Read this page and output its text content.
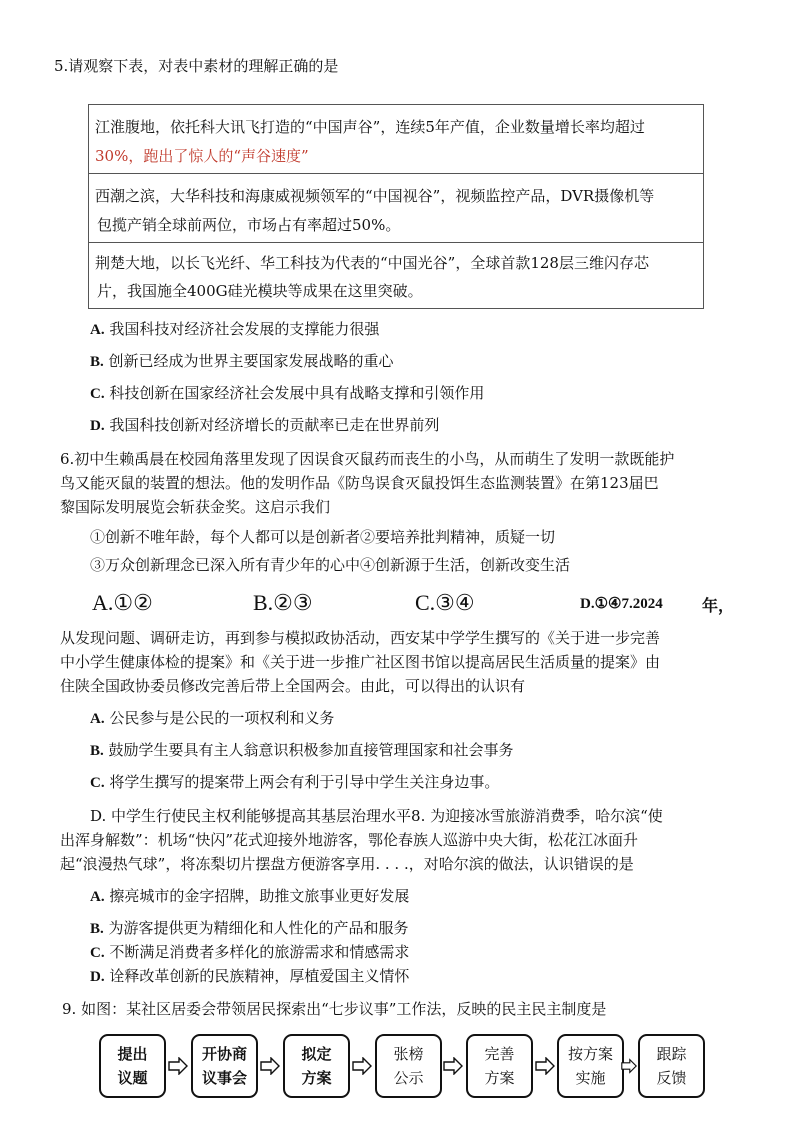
5.请观察下表，对表中素材的理解正确的是
江淮腹地，依托科大讯飞打造的“中国声谷”，连续5年产值，企业数量增长率均超过
30%，跑出了惊人的“声谷速度”
西潮之滨，大华科技和海康威视频领军的“中国视谷”，视频监控产品，DVR摄像机等
包揽产销全球前两位，市场占有率超过50%。
荆楚大地，以长飞光纤、华工科技为代表的“中国光谷”，全球首款128层三维闪存芯
片，我国施全400G硅光模块等成果在这里突破。
A. 我国科技对经济社会发展的支撑能力很强
B. 创新已经成为世界主要国家发展战略的重心
C. 科技创新在国家经济社会发展中具有战略支撑和引领作用
D. 我国科技创新对经济增长的贡献率已走在世界前列
6.初中生赖禹晨在校园角落里发现了因误食灭鼠药而丧生的小鸟，从而萌生了发明一款既能护
鸟又能灭鼠的装置的想法。他的发明作品《防鸟误食灭鼠投饵生态监测装置》在第123届巴
黎国际发明展览会斩获金奖。这启示我们
①创新不唯年龄，每个人都可以是创新者②要培养批判精神，质疑一切
③万众创新理念已深入所有青少年的心中④创新源于生活，创新改变生活
A.①②	B.②③	C.③④	D.①④7.2024 年，
从发现问题、调研走访，再到参与模拟政协活动，西安某中学学生撰写的《关于进一步完善
中小学生健康体检的提案》和《关于进一步推广社区图书馆以提高居民生活质量的提案》由
住陕全国政协委员修改完善后带上全国两会。由此，可以得出的认识有
A. 公民参与是公民的一项权利和义务
B. 鼓励学生要具有主人翁意识积极参加直接管理国家和社会事务
C. 将学生撰写的提案带上两会有利于引导中学生关注身边事。
D. 中学生行使民主权利能够提高其基层治理水平8. 为迎接冰雪旅游消费季，哈尔滨“使
出浑身解数”：机场“快闪”花式迎接外地游客，鄂伦春族人巡游中央大街，松花江冰面升
起“浪漫热气球”，将冻梨切片摆盘方便游客享用. . . .，对哈尔滨的做法，认识错误的是
A. 擦亮城市的金字招牌，助推文旅事业更好发展
B. 为游客提供更为精细化和人性化的产品和服务
C. 不断满足消费者多样化的旅游需求和情感需求
D. 诠释改革创新的民族精神，厚植爱国主义情怀
9. 如图：某社区居委会带领居民探索出“七步议事”工作法，反映的民主民主制度是
提出
议题
开协商
议事会
拟定
方案
张榜
公示
完善
方案
按方案
实施
跟踪
反馈
